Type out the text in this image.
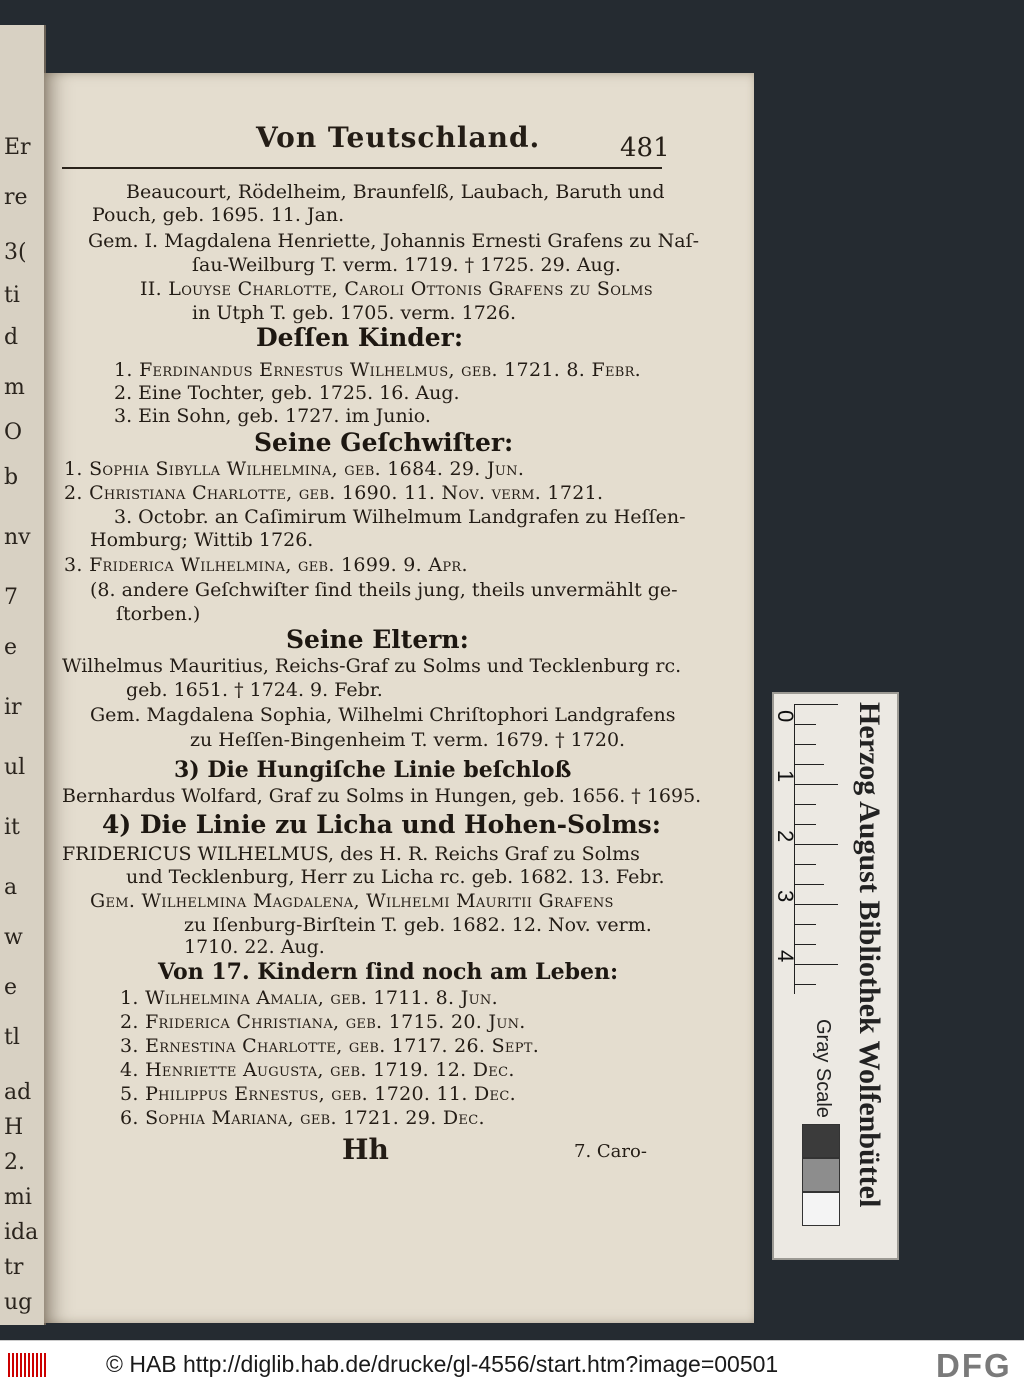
Er
re
3(
ti
d
m
O
b
nv
7
e
ir
ul
it
a
w
e
tl
ad
H
2.
mi
ida
tr
ug
Von Teutschland.	481
Beaucourt, Rödelheim, Braunfelß, Laubach, Baruth und
Pouch, geb. 1695. 11. Jan.
Gem. I. Magdalena Henriette, Johannis Ernesti Grafens zu Naſ-
ſau-Weilburg T. verm. 1719. † 1725. 29. Aug.
II. Louyse Charlotte, Caroli Ottonis Grafens zu Solms
in Utph T. geb. 1705. verm. 1726.
Deſſen Kinder:
1. Ferdinandus Ernestus Wilhelmus, geb. 1721. 8. Febr.
2. Eine Tochter, geb. 1725. 16. Aug.
3. Ein Sohn, geb. 1727. im Junio.
Seine Geſchwiſter:
1. Sophia Sibylla Wilhelmina, geb. 1684. 29. Jun.
2. Christiana Charlotte, geb. 1690. 11. Nov. verm. 1721.
3. Octobr. an Caſimirum Wilhelmum Landgrafen zu Heſſen-
Homburg; Wittib 1726.
3. Friderica Wilhelmina, geb. 1699. 9. Apr.
(8. andere Geſchwiſter ſind theils jung, theils unvermählt ge-
ſtorben.)
Seine Eltern:
Wilhelmus Mauritius, Reichs-Graf zu Solms und Tecklenburg rc.
geb. 1651. † 1724. 9. Febr.
Gem. Magdalena Sophia, Wilhelmi Chriſtophori Landgrafens
zu Heſſen-Bingenheim T. verm. 1679. † 1720.
3) Die Hungiſche Linie beſchloß
Bernhardus Wolfard, Graf zu Solms in Hungen, geb. 1656. † 1695.
4) Die Linie zu Licha und Hohen-Solms:
FRIDERICUS WILHELMUS, des H. R. Reichs Graf zu Solms
und Tecklenburg, Herr zu Licha rc. geb. 1682. 13. Febr.
Gem. Wilhelmina Magdalena, Wilhelmi Mauritii Grafens
zu Iſenburg-Birſtein T. geb. 1682. 12. Nov. verm.
1710. 22. Aug.
Von 17. Kindern ſind noch am Leben:
1. Wilhelmina Amalia, geb. 1711. 8. Jun.
2. Friderica Christiana, geb. 1715. 20. Jun.
3. Ernestina Charlotte, geb. 1717. 26. Sept.
4. Henriette Augusta, geb. 1719. 12. Dec.
5. Philippus Ernestus, geb. 1720. 11. Dec.
6. Sophia Mariana, geb. 1721. 29. Dec.
Hh	7. Caro-	Herzog August Bibliothek Wolfenbüttel
0
1
2
3
4
Gray Scale
© HAB http://diglib.hab.de/drucke/gl-4556/start.htm?image=00501	DFG
